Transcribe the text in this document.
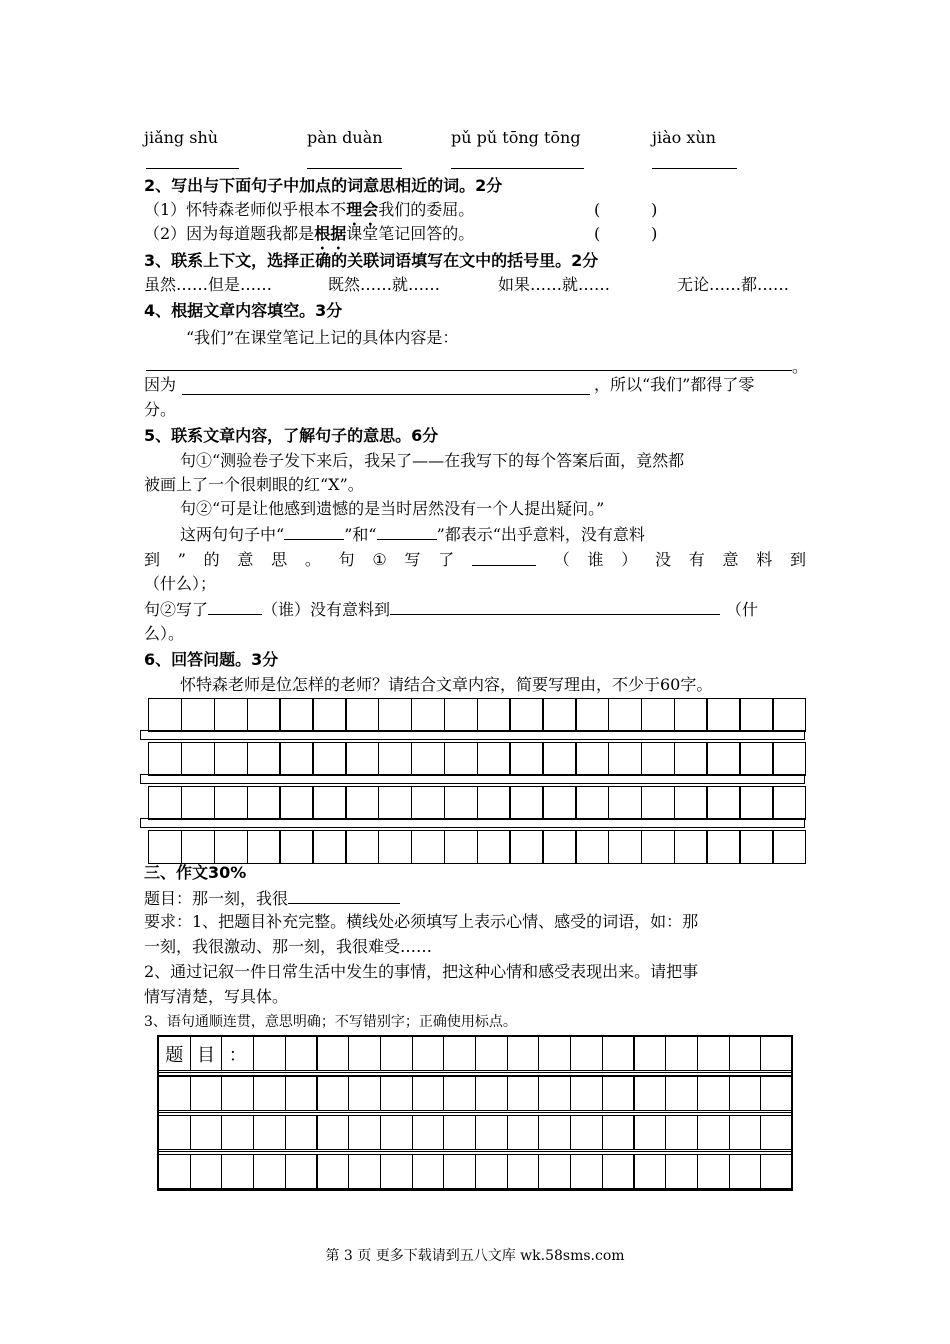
jiǎng shù	pàn duàn	pǔ pǔ tōng tōng	jiào xùn
2、写出与下面句子中加点的词意思相近的词。2分
（1）怀特森老师似乎根本不理会我们的委屈。	(          )
（2）因为每道题我都是根据课堂笔记回答的。	(          )
3、联系上下文，选择正确的关联词语填写在文中的括号里。2分
虽然……但是……	既然……就……	如果……就……	无论……都……
4、根据文章内容填空。3分
“我们”在课堂笔记上记的具体内容是：
。
因为	，所以“我们”都得了零
分。
5、联系文章内容，了解句子的意思。6分
句①“测验卷子发下来后，我呆了——在我写下的每个答案后面，竟然都
被画上了一个很刺眼的红“X”。
句②“可是让他感到遗憾的是当时居然没有一个人提出疑问。”
这两句句子中“	”和“	”都表示“出乎意料，没有意料
到 ” 的 意 思 。 句 ① 写 了	（ 谁 ） 没 有 意 料 到
（什么）；
句②写了	（谁）没有意料到	（什
么）。
6、回答问题。3分
怀特森老师是位怎样的老师？请结合文章内容，简要写理由，不少于60字。
三、作文30%
题目：那一刻，我很
要求：1、把题目补充完整。横线处必须填写上表示心情、感受的词语，如：那
一刻，我很激动、那一刻，我很难受……
2、通过记叙一件日常生活中发生的事情，把这种心情和感受表现出来。请把事
情写清楚，写具体。
3、语句通顺连贯，意思明确；不写错别字；正确使用标点。
题 目 ：
第 3 页 更多下载请到五八文库 wk.58sms.com
